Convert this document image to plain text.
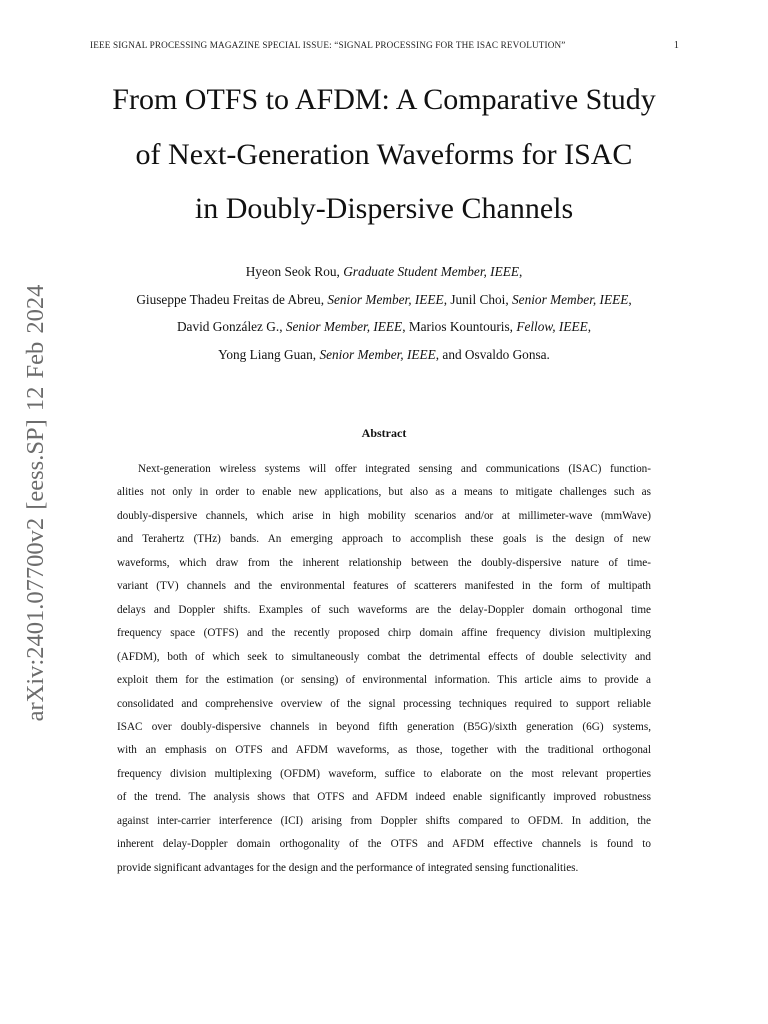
IEEE SIGNAL PROCESSING MAGAZINE SPECIAL ISSUE: “SIGNAL PROCESSING FOR THE ISAC REVOLUTION”	1
arXiv:2401.07700v2 [eess.SP] 12 Feb 2024
From OTFS to AFDM: A Comparative Study
of Next-Generation Waveforms for ISAC
in Doubly-Dispersive Channels
Hyeon Seok Rou, Graduate Student Member, IEEE,
Giuseppe Thadeu Freitas de Abreu, Senior Member, IEEE, Junil Choi, Senior Member, IEEE,
David González G., Senior Member, IEEE, Marios Kountouris, Fellow, IEEE,
Yong Liang Guan, Senior Member, IEEE, and Osvaldo Gonsa.
Abstract
Next-generation wireless systems will offer integrated sensing and communications (ISAC) function-
alities not only in order to enable new applications, but also as a means to mitigate challenges such as
doubly-dispersive channels, which arise in high mobility scenarios and/or at millimeter-wave (mmWave)
and Terahertz (THz) bands. An emerging approach to accomplish these goals is the design of new
waveforms, which draw from the inherent relationship between the doubly-dispersive nature of time-
variant (TV) channels and the environmental features of scatterers manifested in the form of multipath
delays and Doppler shifts. Examples of such waveforms are the delay-Doppler domain orthogonal time
frequency space (OTFS) and the recently proposed chirp domain affine frequency division multiplexing
(AFDM), both of which seek to simultaneously combat the detrimental effects of double selectivity and
exploit them for the estimation (or sensing) of environmental information. This article aims to provide a
consolidated and comprehensive overview of the signal processing techniques required to support reliable
ISAC over doubly-dispersive channels in beyond fifth generation (B5G)/sixth generation (6G) systems,
with an emphasis on OTFS and AFDM waveforms, as those, together with the traditional orthogonal
frequency division multiplexing (OFDM) waveform, suffice to elaborate on the most relevant properties
of the trend. The analysis shows that OTFS and AFDM indeed enable significantly improved robustness
against inter-carrier interference (ICI) arising from Doppler shifts compared to OFDM. In addition, the
inherent delay-Doppler domain orthogonality of the OTFS and AFDM effective channels is found to
provide significant advantages for the design and the performance of integrated sensing functionalities.
